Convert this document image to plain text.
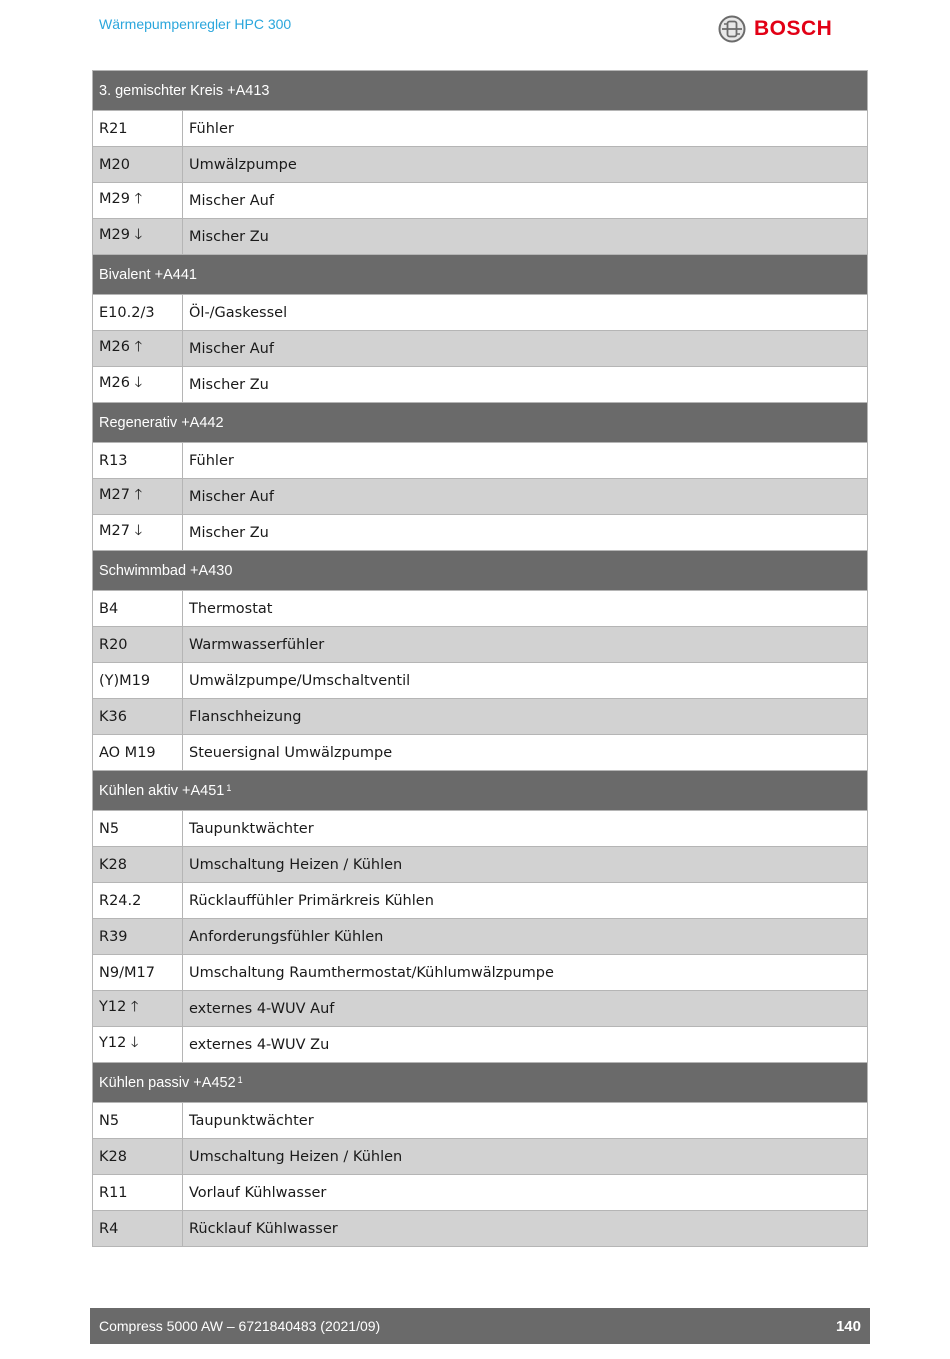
Wärmepumpenregler HPC 300	BOSCH
3. gemischter Kreis +A413
R21	Fühler
M20	Umwälzpumpe
M29 🡑	Mischer Auf
M29 🡓	Mischer Zu
Bivalent +A441
E10.2/3	Öl-/Gaskessel
M26 🡑	Mischer Auf
M26 🡓	Mischer Zu
Regenerativ +A442
R13	Fühler
M27 🡑	Mischer Auf
M27 🡓	Mischer Zu
Schwimmbad +A430
B4	Thermostat
R20	Warmwasserfühler
(Y)M19	Umwälzpumpe/Umschaltventil
K36	Flanschheizung
AO M19	Steuersignal Umwälzpumpe
Kühlen aktiv $+A451^1$
N5	Taupunktwächter
K28	Umschaltung Heizen / Kühlen
R24.2	Rücklauffühler Primärkreis Kühlen
R39	Anforderungsfühler Kühlen
N9/M17	Umschaltung Raumthermostat/Kühlumwälzpumpe
Y12 🡑	externes 4-WUV Auf
Y12 🡓	externes 4-WUV Zu
Kühlen passiv $+A452^1$
N5	Taupunktwächter
K28	Umschaltung Heizen / Kühlen
R11	Vorlauf Kühlwasser
R4	Rücklauf Kühlwasser
Compress 5000 AW – 6721840483 (2021/09)	140
